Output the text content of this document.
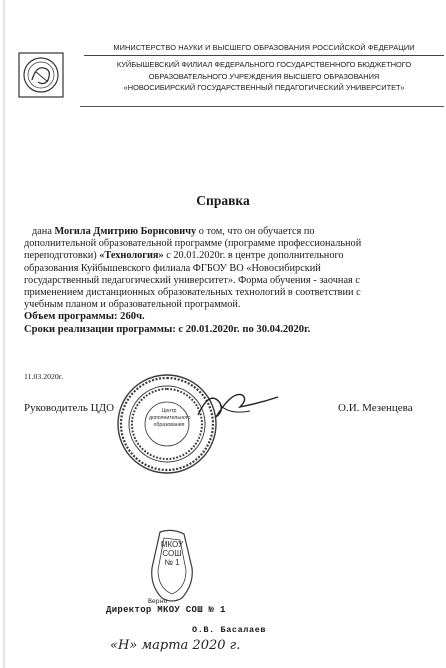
МИНИСТЕРСТВО НАУКИ И ВЫСШЕГО ОБРАЗОВАНИЯ РОССИЙСКОЙ ФЕДЕРАЦИИ
КУЙБЫШЕВСКИЙ ФИЛИАЛ ФЕДЕРАЛЬНОГО ГОСУДАРСТВЕННОГО БЮДЖЕТНОГО
ОБРАЗОВАТЕЛЬНОГО УЧРЕЖДЕНИЯ ВЫСШЕГО ОБРАЗОВАНИЯ
«НОВОСИБИРСКИЙ ГОСУДАРСТВЕННЫЙ ПЕДАГОГИЧЕСКИЙ УНИВЕРСИТЕТ»
Справка
дана Могила Дмитрию Борисовичу о том, что он обучается по
дополнительной образовательной программе (программе профессиональной
переподготовки) «Технология» с 20.01.2020г. в центре дополнительного
образования Куйбышевского филиала ФГБОУ ВО «Новосибирский
государственный педагогический университет». Форма обучения - заочная с
применением дистанционных образовательных технологий в соответствии с
учебным планом и образовательной программой.
Объем программы: 260ч.
Сроки реализации программы: с 20.01.2020г. по 30.04.2020г.
11.03.2020г.
Центр
дополнительного
образования
Руководитель ЦДО	О.И. Мезенцева
МКОУ
СОШ
№ 1
Верно
Директор МКОУ СОШ № 1
О.В. Басалаев
«Н» марта 2020 г.
